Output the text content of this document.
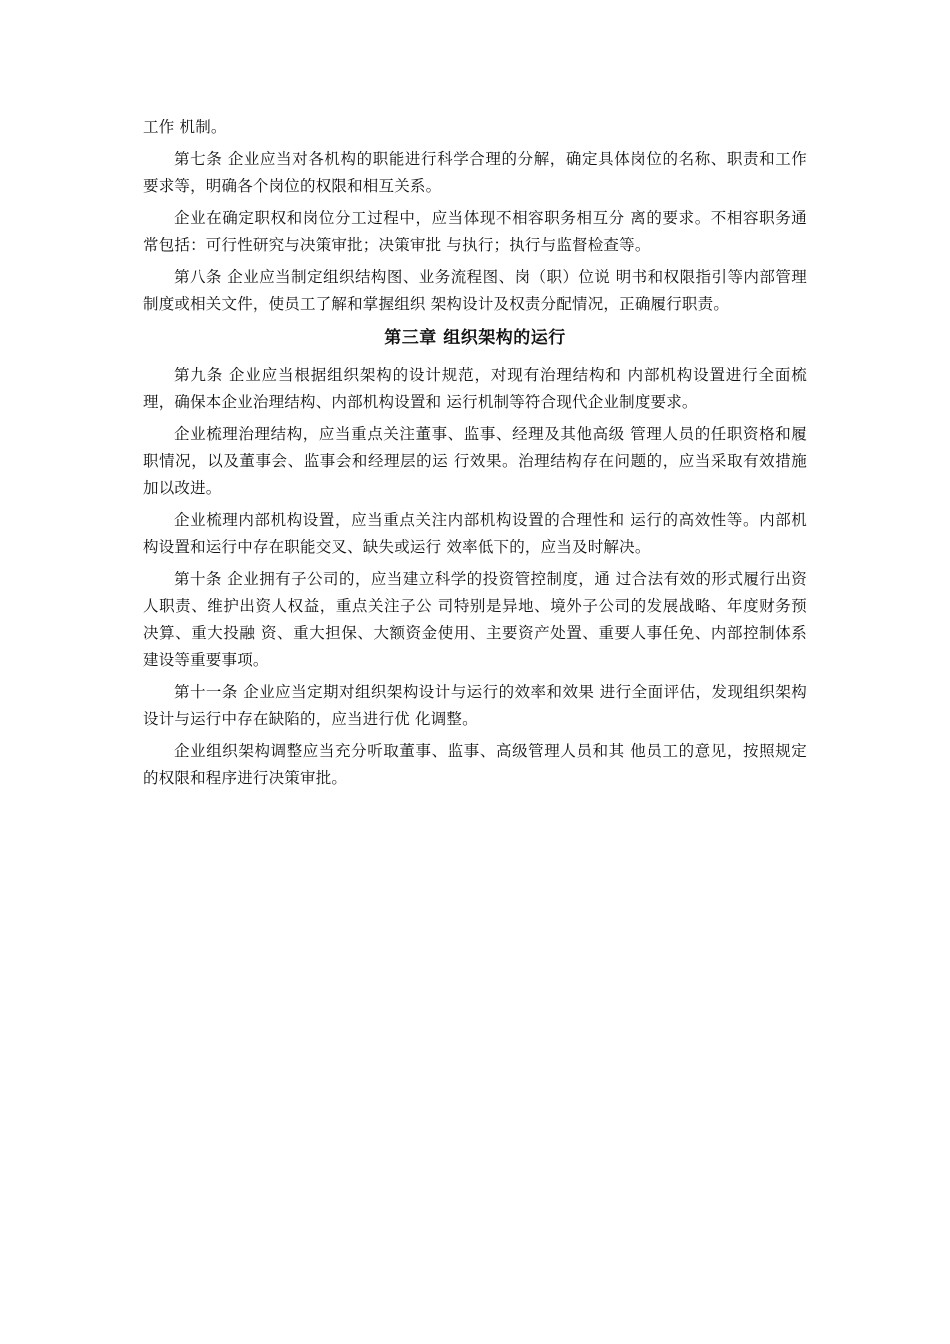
工作 机制。

第七条 企业应当对各机构的职能进行科学合理的分解，确定具体岗位的名称、职责和工作要求等，明确各个岗位的权限和相互关系。

企业在确定职权和岗位分工过程中，应当体现不相容职务相互分 离的要求。不相容职务通常包括：可行性研究与决策审批；决策审批 与执行；执行与监督检查等。

第八条 企业应当制定组织结构图、业务流程图、岗（职）位说 明书和权限指引等内部管理制度或相关文件，使员工了解和掌握组织 架构设计及权责分配情况，正确履行职责。

第三章 组织架构的运行

第九条 企业应当根据组织架构的设计规范，对现有治理结构和 内部机构设置进行全面梳理，确保本企业治理结构、内部机构设置和 运行机制等符合现代企业制度要求。

企业梳理治理结构，应当重点关注董事、监事、经理及其他高级 管理人员的任职资格和履职情况，以及董事会、监事会和经理层的运 行效果。治理结构存在问题的，应当采取有效措施加以改进。

企业梳理内部机构设置，应当重点关注内部机构设置的合理性和 运行的高效性等。内部机构设置和运行中存在职能交叉、缺失或运行 效率低下的，应当及时解决。

第十条 企业拥有子公司的，应当建立科学的投资管控制度，通 过合法有效的形式履行出资人职责、维护出资人权益，重点关注子公 司特别是异地、境外子公司的发展战略、年度财务预决算、重大投融 资、重大担保、大额资金使用、主要资产处置、重要人事任免、内部控制体系建设等重要事项。

第十一条 企业应当定期对组织架构设计与运行的效率和效果 进行全面评估，发现组织架构设计与运行中存在缺陷的，应当进行优 化调整。

企业组织架构调整应当充分听取董事、监事、高级管理人员和其 他员工的意见，按照规定的权限和程序进行决策审批。
